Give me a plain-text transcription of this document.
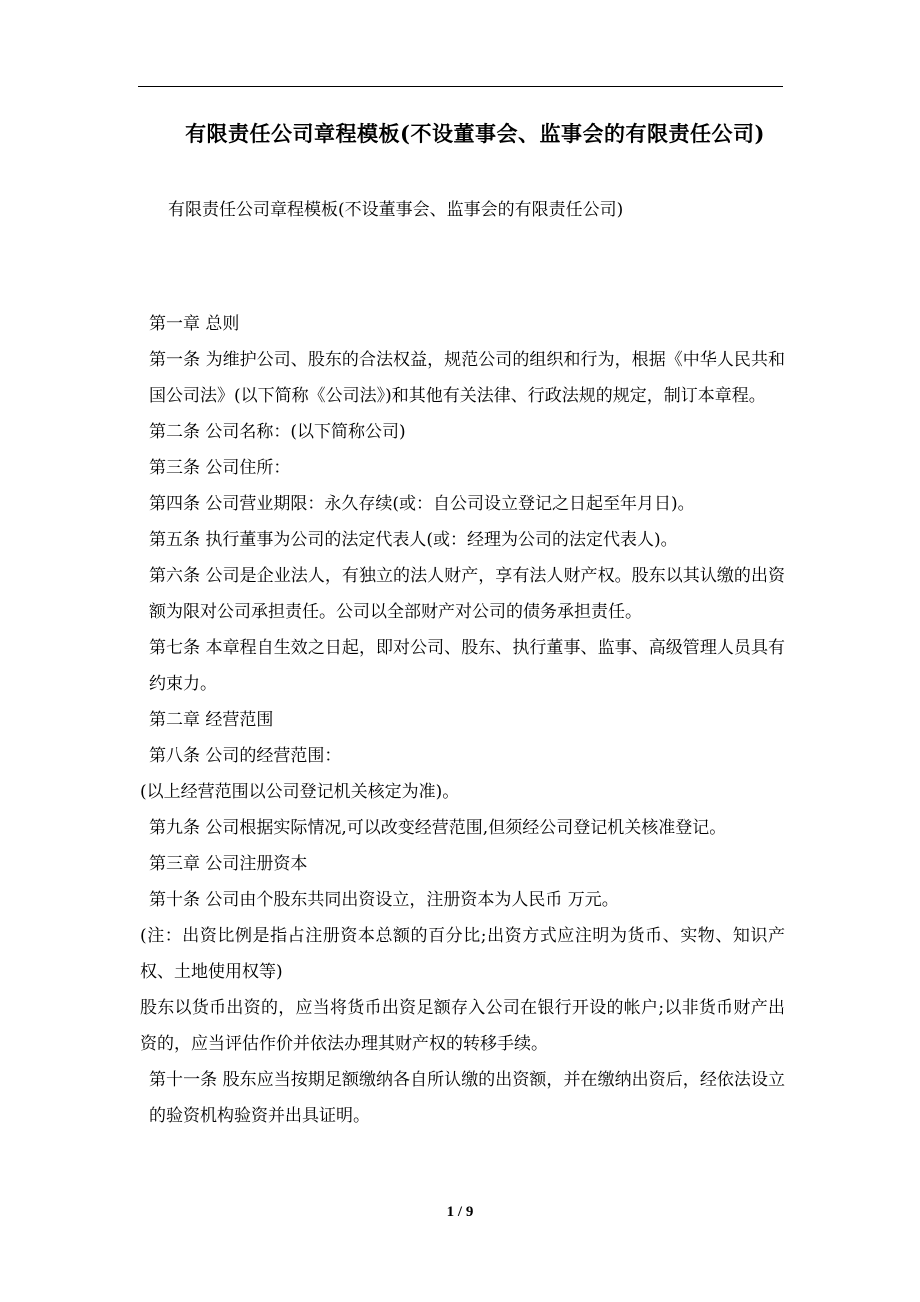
有限责任公司章程模板(不设董事会、监事会的有限责任公司)
有限责任公司章程模板(不设董事会、监事会的有限责任公司)

第一章 总则

第一条 为维护公司、股东的合法权益，规范公司的组织和行为，根据《中华人民共和国公司法》(以下简称《公司法》)和其他有关法律、行政法规的规定，制订本章程。

第二条 公司名称：(以下简称公司)

第三条 公司住所：

第四条 公司营业期限：永久存续(或：自公司设立登记之日起至年月日)。

第五条 执行董事为公司的法定代表人(或：经理为公司的法定代表人)。

第六条 公司是企业法人，有独立的法人财产，享有法人财产权。股东以其认缴的出资额为限对公司承担责任。公司以全部财产对公司的债务承担责任。

第七条 本章程自生效之日起，即对公司、股东、执行董事、监事、高级管理人员具有约束力。

第二章 经营范围

第八条 公司的经营范围：

(以上经营范围以公司登记机关核定为准)。

第九条 公司根据实际情况,可以改变经营范围,但须经公司登记机关核准登记。

第三章 公司注册资本

第十条 公司由个股东共同出资设立，注册资本为人民币 万元。

(注：出资比例是指占注册资本总额的百分比;出资方式应注明为货币、实物、知识产权、土地使用权等)

股东以货币出资的，应当将货币出资足额存入公司在银行开设的帐户;以非货币财产出资的，应当评估作价并依法办理其财产权的转移手续。

第十一条 股东应当按期足额缴纳各自所认缴的出资额，并在缴纳出资后，经依法设立的验资机构验资并出具证明。

1 / 9
